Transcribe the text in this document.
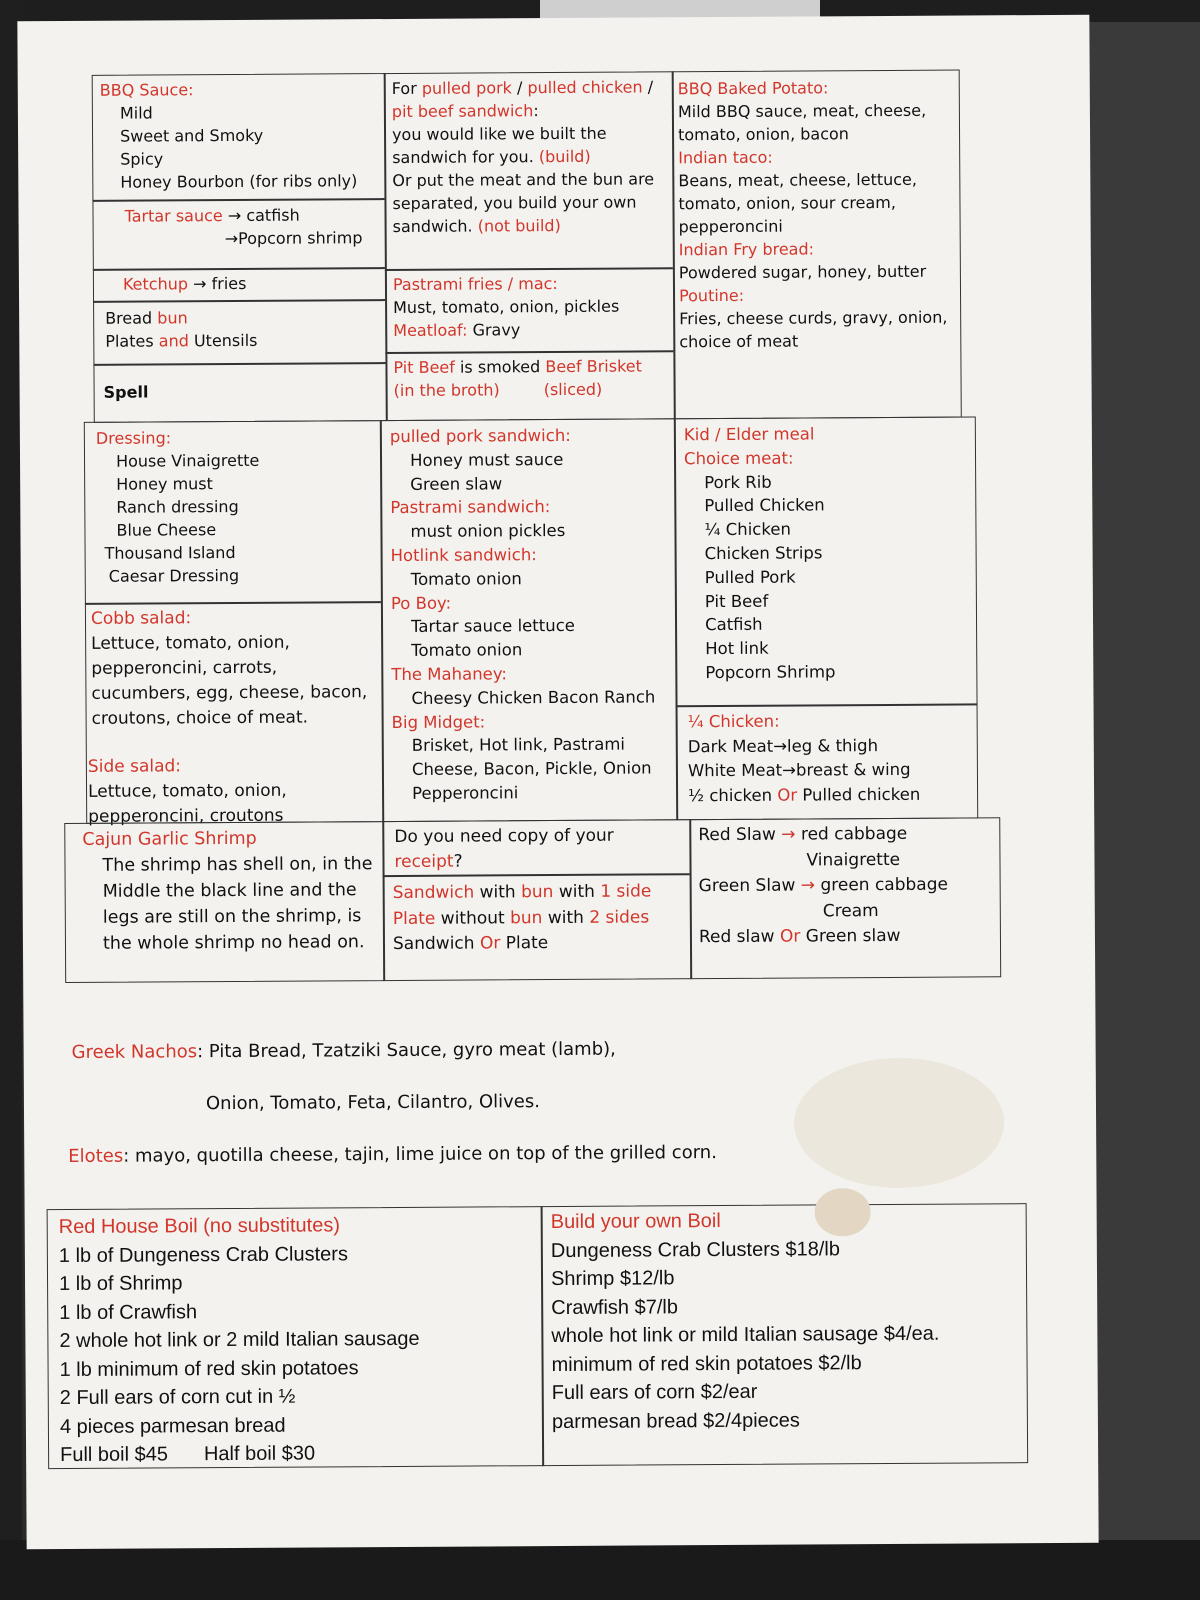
BBQ Sauce:
Mild
Sweet and Smoky
Spicy
Honey Bourbon (for ribs only)
Tartar sauce → catfish
→Popcorn shrimp
Ketchup → fries
Bread bun
Plates and Utensils
Spell
For pulled pork / pulled chicken /
pit beef sandwich:
you would like we built the
sandwich for you. (build)
Or put the meat and the bun are
separated, you build your own
sandwich. (not build)
Pastrami fries / mac:
Must, tomato, onion, pickles
Meatloaf: Gravy
Pit Beef is smoked Beef Brisket
(in the broth)	(sliced)
BBQ Baked Potato:
Mild BBQ sauce, meat, cheese,
tomato, onion, bacon
Indian taco:
Beans, meat, cheese, lettuce,
tomato, onion, sour cream,
pepperoncini
Indian Fry bread:
Powdered sugar, honey, butter
Poutine:
Fries, cheese curds, gravy, onion,
choice of meat
Dressing:
House Vinaigrette
Honey must
Ranch dressing
Blue Cheese
Thousand Island
Caesar Dressing
Cobb salad:
Lettuce, tomato, onion,
pepperoncini, carrots,
cucumbers, egg, cheese, bacon,
croutons, choice of meat.
Side salad:
Lettuce, tomato, onion,
pepperoncini, croutons
pulled pork sandwich:
Honey must sauce
Green slaw
Pastrami sandwich:
must onion pickles
Hotlink sandwich:
Tomato onion
Po Boy:
Tartar sauce lettuce
Tomato onion
The Mahaney:
Cheesy Chicken Bacon Ranch
Big Midget:
Brisket, Hot link, Pastrami
Cheese, Bacon, Pickle, Onion
Pepperoncini
Kid / Elder meal
Choice meat:
Pork Rib
Pulled Chicken
¼ Chicken
Chicken Strips
Pulled Pork
Pit Beef
Catfish
Hot link
Popcorn Shrimp
¼ Chicken:
Dark Meat→leg & thigh
White Meat→breast & wing
½ chicken Or Pulled chicken
Cajun Garlic Shrimp
The shrimp has shell on, in the
Middle the black line and the
legs are still on the shrimp, is
the whole shrimp no head on.
Do you need copy of your
receipt?
Sandwich with bun with 1 side
Plate without bun with 2 sides
Sandwich Or Plate
Red Slaw → red cabbage
Vinaigrette
Green Slaw → green cabbage
Cream
Red slaw Or Green slaw
Greek Nachos: Pita Bread, Tzatziki Sauce, gyro meat (lamb),
Onion, Tomato, Feta, Cilantro, Olives.
Elotes: mayo, quotilla cheese, tajin, lime juice on top of the grilled corn.
Red House Boil (no substitutes)
1 lb of Dungeness Crab Clusters
1 lb of Shrimp
1 lb of Crawfish
2 whole hot link or 2 mild Italian sausage
1 lb minimum of red skin potatoes
2 Full ears of corn cut in ½
4 pieces parmesan bread
Full boil $45 Half boil $30
Build your own Boil
Dungeness Crab Clusters $18/lb
Shrimp $12/lb
Crawfish $7/lb
whole hot link or mild Italian sausage $4/ea.
minimum of red skin potatoes $2/lb
Full ears of corn $2/ear
parmesan bread $2/4pieces
